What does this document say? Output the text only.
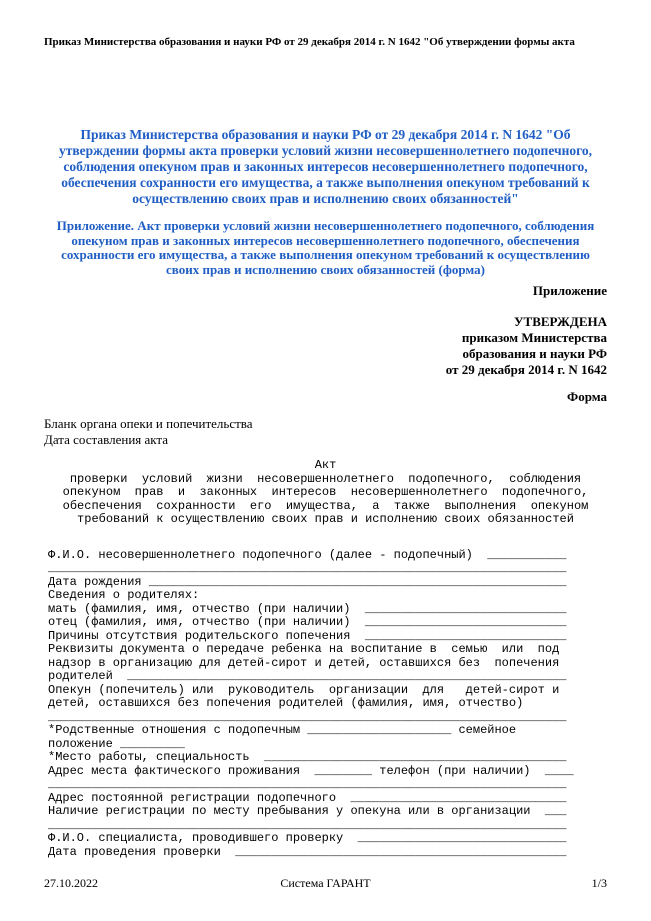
Приказ Министерства образования и науки РФ от 29 декабря 2014 г. N 1642 "Об утверждении формы акта
Приказ Министерства образования и науки РФ от 29 декабря 2014 г. N 1642 "Об утверждении формы акта проверки условий жизни несовершеннолетнего подопечного, соблюдения опекуном прав и законных интересов несовершеннолетнего подопечного, обеспечения сохранности его имущества, а также выполнения опекуном требований к осуществлению своих прав и исполнению своих обязанностей"
Приложение. Акт проверки условий жизни несовершеннолетнего подопечного, соблюдения опекуном прав и законных интересов несовершеннолетнего подопечного, обеспечения сохранности его имущества, а также выполнения опекуном требований к осуществлению своих прав и исполнению своих обязанностей (форма)
Приложение
УТВЕРЖДЕНА
приказом Министерства
образования и науки РФ
от 29 декабря 2014 г. N 1642
Форма
Бланк органа опеки и попечительства
Дата составления акта
Акт
проверки  условий  жизни  несовершеннолетнего  подопечного,  соблюдения
опекуном  прав  и  законных  интересов  несовершеннолетнего  подопечного,
обеспечения  сохранности  его  имущества,  а  также  выполнения  опекуном
требований к осуществлению своих прав и исполнению своих обязанностей
Ф.И.О. несовершеннолетнего подопечного (далее - подопечный)  ___________
________________________________________________________________________
Дата рождения __________________________________________________________
Сведения о родителях:
мать (фамилия, имя, отчество (при наличии)  ____________________________
отец (фамилия, имя, отчество (при наличии)  ____________________________
Причины отсутствия родительского попечения  ____________________________
Реквизиты документа о передаче ребенка на воспитание в  семью  или  под
надзор в организацию для детей-сирот и детей, оставшихся без  попечения
родителей  _____________________________________________________________
Опекун (попечитель) или  руководитель  организации  для   детей-сирот и
детей, оставшихся без попечения родителей (фамилия, имя, отчество)
________________________________________________________________________
*Родственные отношения с подопечным ____________________ семейное
положение _________
*Место работы, специальность  __________________________________________
Адрес места фактического проживания  ________ телефон (при наличии)  ____
________________________________________________________________________
Адрес постоянной регистрации подопечного  ______________________________
Наличие регистрации по месту пребывания у опекуна или в организации  ___
________________________________________________________________________
Ф.И.О. специалиста, проводившего проверку  _____________________________
Дата проведения проверки  ______________________________________________
27.10.2022	Система ГАРАНТ	1/3
